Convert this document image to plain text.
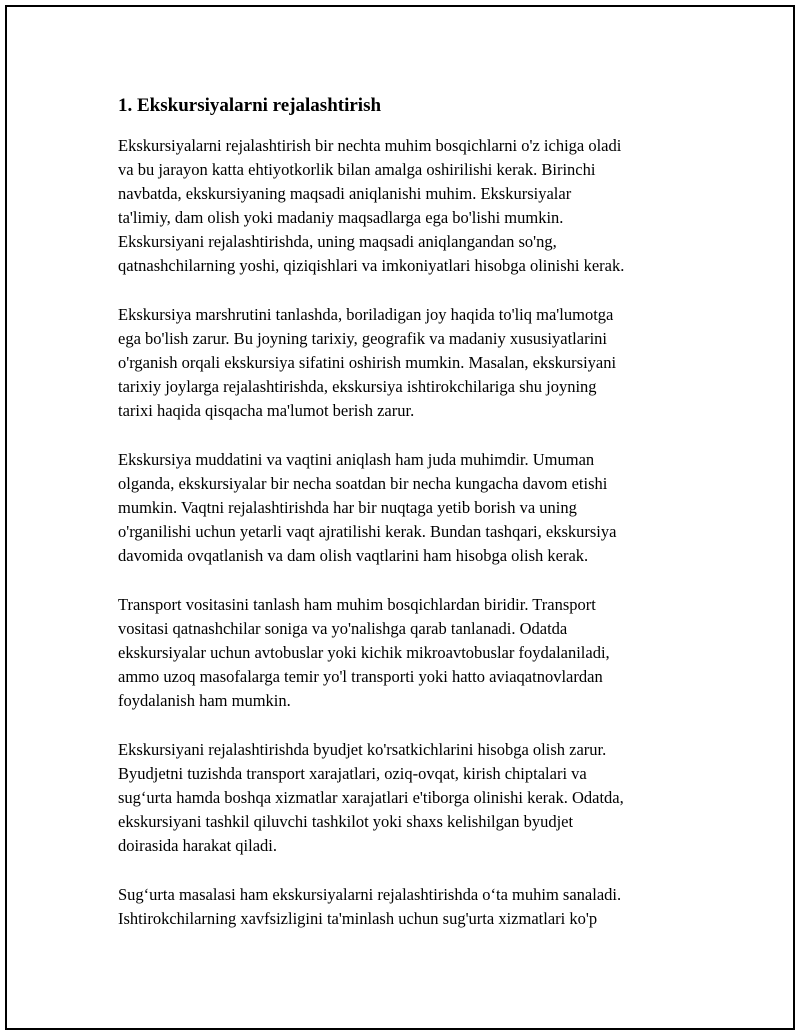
1. Ekskursiyalarni rejalashtirish
Ekskursiyalarni rejalashtirish bir nechta muhim bosqichlarni o'z ichiga oladi
va bu jarayon katta ehtiyotkorlik bilan amalga oshirilishi kerak. Birinchi
navbatda, ekskursiyaning maqsadi aniqlanishi muhim. Ekskursiyalar
ta'limiy, dam olish yoki madaniy maqsadlarga ega bo'lishi mumkin.
Ekskursiyani rejalashtirishda, uning maqsadi aniqlangandan so'ng,
qatnashchilarning yoshi, qiziqishlari va imkoniyatlari hisobga olinishi kerak.
Ekskursiya marshrutini tanlashda, boriladigan joy haqida to'liq ma'lumotga
ega bo'lish zarur. Bu joyning tarixiy, geografik va madaniy xususiyatlarini
o'rganish orqali ekskursiya sifatini oshirish mumkin. Masalan, ekskursiyani
tarixiy joylarga rejalashtirishda, ekskursiya ishtirokchilariga shu joyning
tarixi haqida qisqacha ma'lumot berish zarur.
Ekskursiya muddatini va vaqtini aniqlash ham juda muhimdir. Umuman
olganda, ekskursiyalar bir necha soatdan bir necha kungacha davom etishi
mumkin. Vaqtni rejalashtirishda har bir nuqtaga yetib borish va uning
o'rganilishi uchun yetarli vaqt ajratilishi kerak. Bundan tashqari, ekskursiya
davomida ovqatlanish va dam olish vaqtlarini ham hisobga olish kerak.
Transport vositasini tanlash ham muhim bosqichlardan biridir. Transport
vositasi qatnashchilar soniga va yo'nalishga qarab tanlanadi. Odatda
ekskursiyalar uchun avtobuslar yoki kichik mikroavtobuslar foydalaniladi,
ammo uzoq masofalarga temir yo'l transporti yoki hatto aviaqatnovlardan
foydalanish ham mumkin.
Ekskursiyani rejalashtirishda byudjet ko'rsatkichlarini hisobga olish zarur.
Byudjetni tuzishda transport xarajatlari, oziq-ovqat, kirish chiptalari va
sug‘urta hamda boshqa xizmatlar xarajatlari e'tiborga olinishi kerak. Odatda,
ekskursiyani tashkil qiluvchi tashkilot yoki shaxs kelishilgan byudjet
doirasida harakat qiladi.
Sug‘urta masalasi ham ekskursiyalarni rejalashtirishda o‘ta muhim sanaladi.
Ishtirokchilarning xavfsizligini ta'minlash uchun sug'urta xizmatlari ko'p
